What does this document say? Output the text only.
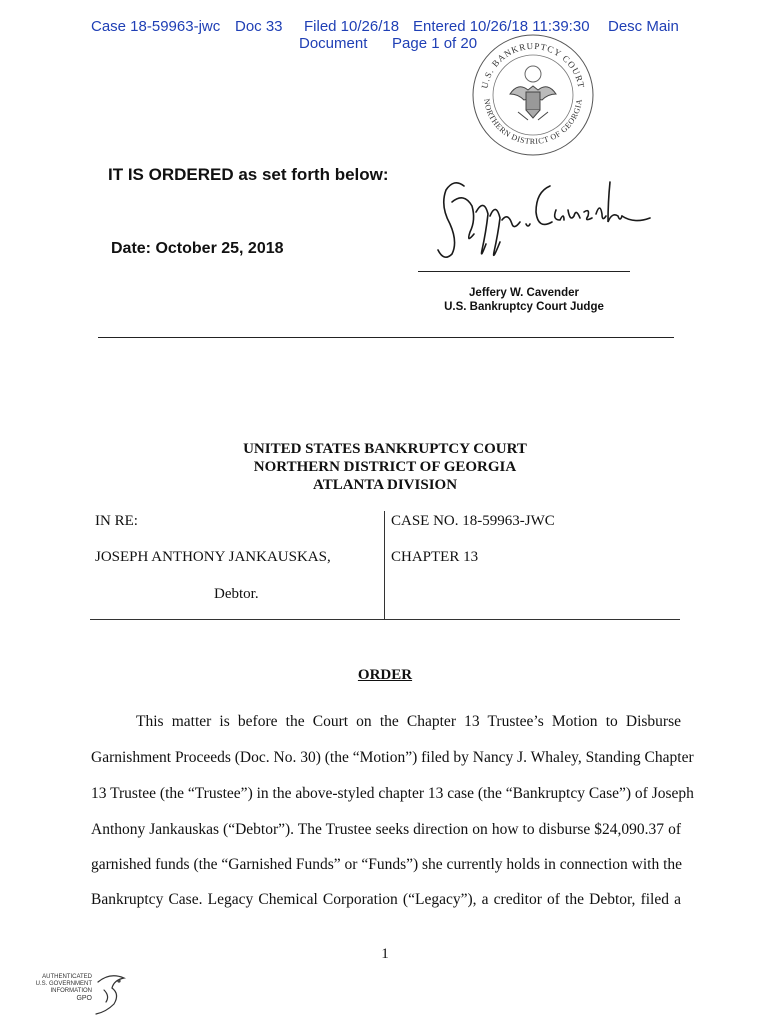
Case 18-59963-jwc Doc 33 Filed 10/26/18 Entered 10/26/18 11:39:30 Desc Main
Document Page 1 of 20
U.S. BANKRUPTCY COURT
NORTHERN DISTRICT OF GEORGIA
IT IS ORDERED as set forth below:
Date: October 25, 2018
Jeffery W. Cavender
U.S. Bankruptcy Court Judge
UNITED STATES BANKRUPTCY COURT
NORTHERN DISTRICT OF GEORGIA
ATLANTA DIVISION
IN RE:
JOSEPH ANTHONY JANKAUSKAS,
Debtor.
CASE NO. 18-59963-JWC
CHAPTER 13
ORDER
This matter is before the Court on the Chapter 13 Trustee’s Motion to Disburse
Garnishment Proceeds (Doc. No. 30) (the “Motion”) filed by Nancy J. Whaley, Standing Chapter
13 Trustee (the “Trustee”) in the above-styled chapter 13 case (the “Bankruptcy Case”) of Joseph
Anthony Jankauskas (“Debtor”). The Trustee seeks direction on how to disburse $24,090.37 of
garnished funds (the “Garnished Funds” or “Funds”) she currently holds in connection with the
Bankruptcy Case. Legacy Chemical Corporation (“Legacy”), a creditor of the Debtor, filed a
1
AUTHENTICATED
U.S. GOVERNMENT
INFORMATION
GPO
